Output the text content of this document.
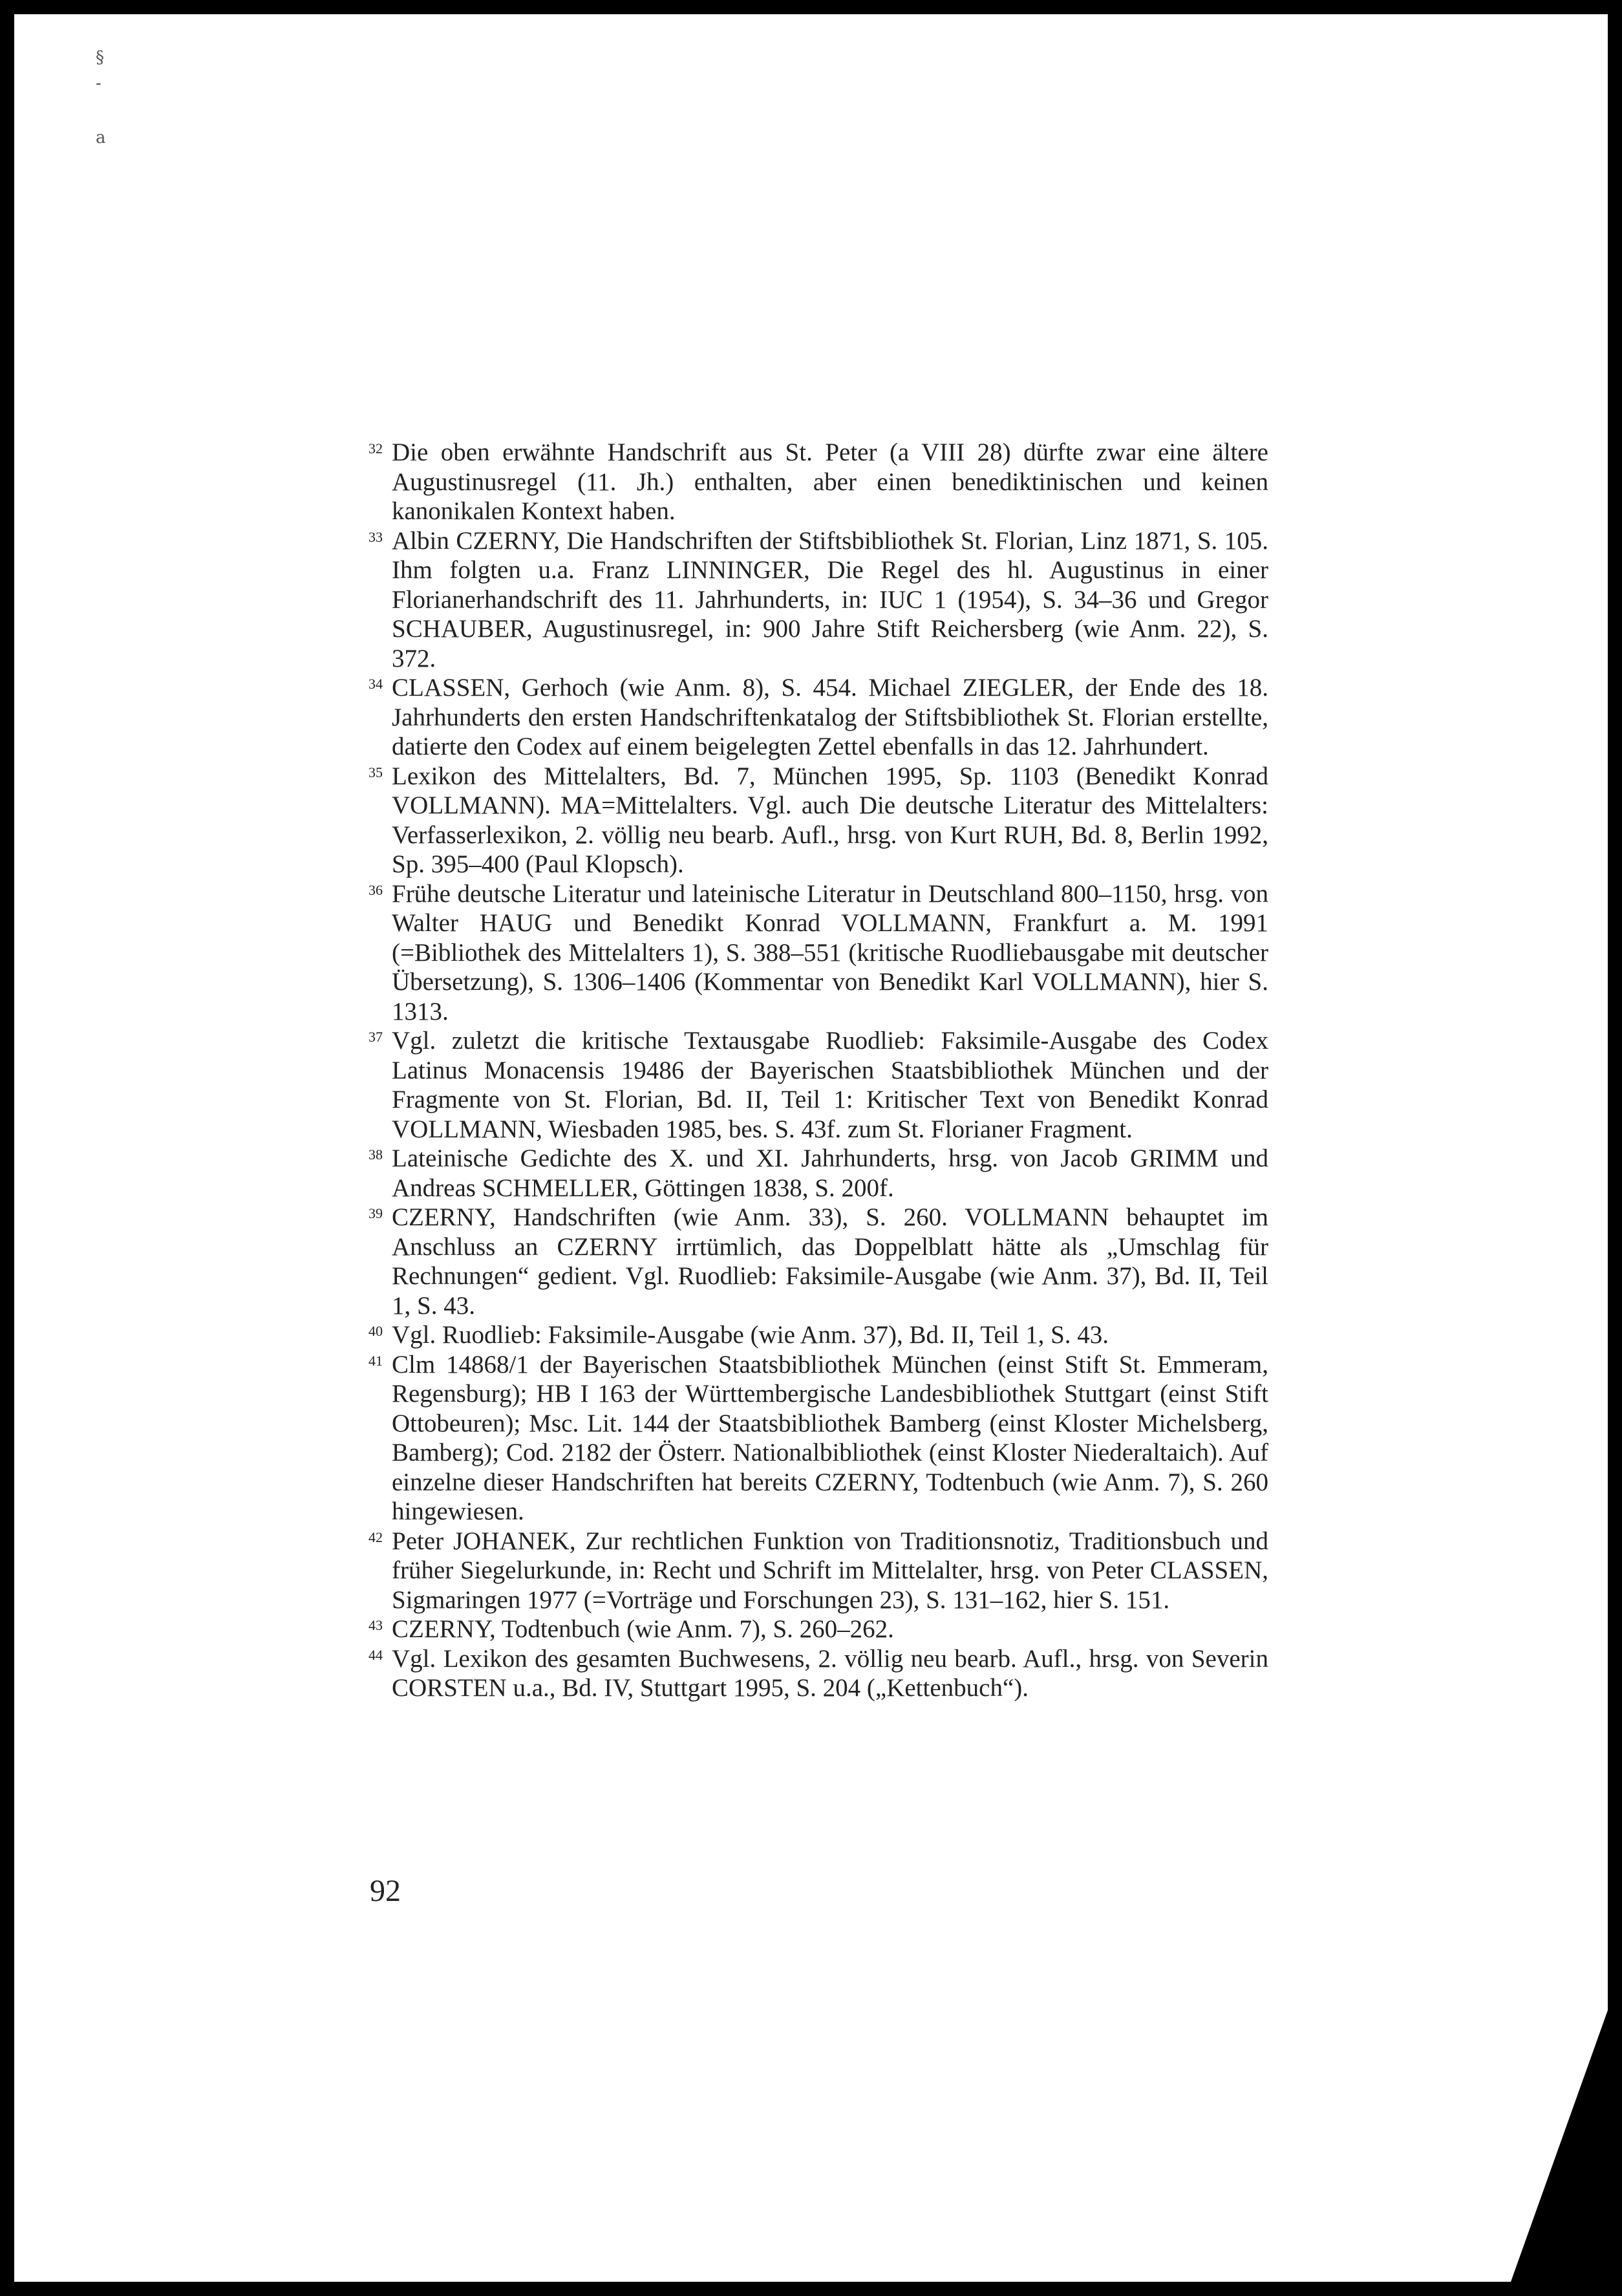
§
-
a

32 Die oben erwähnte Handschrift aus St. Peter (a VIII 28) dürfte zwar eine ältere Augustinusregel (11. Jh.) enthalten, aber einen benediktinischen und keinen kanonikalen Kontext haben.

33 Albin CZERNY, Die Handschriften der Stiftsbibliothek St. Florian, Linz 1871, S. 105. Ihm folgten u.a. Franz LINNINGER, Die Regel des hl. Augustinus in einer Florianerhandschrift des 11. Jahrhunderts, in: IUC 1 (1954), S. 34–36 und Gregor SCHAUBER, Augustinusregel, in: 900 Jahre Stift Reichersberg (wie Anm. 22), S. 372.

34 CLASSEN, Gerhoch (wie Anm. 8), S. 454. Michael ZIEGLER, der Ende des 18. Jahrhunderts den ersten Handschriftenkatalog der Stiftsbibliothek St. Florian erstellte, datierte den Codex auf einem beigelegten Zettel ebenfalls in das 12. Jahrhundert.

35 Lexikon des Mittelalters, Bd. 7, München 1995, Sp. 1103 (Benedikt Konrad VOLLMANN). MA=Mittelalters. Vgl. auch Die deutsche Literatur des Mittelalters: Verfasserlexikon, 2. völlig neu bearb. Aufl., hrsg. von Kurt RUH, Bd. 8, Berlin 1992, Sp. 395–400 (Paul Klopsch).

36 Frühe deutsche Literatur und lateinische Literatur in Deutschland 800–1150, hrsg. von Walter HAUG und Benedikt Konrad VOLLMANN, Frankfurt a. M. 1991 (=Bibliothek des Mittelalters 1), S. 388–551 (kritische Ruodliebausgabe mit deutscher Übersetzung), S. 1306–1406 (Kommentar von Benedikt Karl VOLLMANN), hier S. 1313.

37 Vgl. zuletzt die kritische Textausgabe Ruodlieb: Faksimile-Ausgabe des Codex Latinus Monacensis 19486 der Bayerischen Staatsbibliothek München und der Fragmente von St. Florian, Bd. II, Teil 1: Kritischer Text von Benedikt Konrad VOLLMANN, Wiesbaden 1985, bes. S. 43f. zum St. Florianer Fragment.

38 Lateinische Gedichte des X. und XI. Jahrhunderts, hrsg. von Jacob GRIMM und Andreas SCHMELLER, Göttingen 1838, S. 200f.

39 CZERNY, Handschriften (wie Anm. 33), S. 260. VOLLMANN behauptet im Anschluss an CZERNY irrtümlich, das Doppelblatt hätte als „Umschlag für Rechnungen“ gedient. Vgl. Ruodlieb: Faksimile-Ausgabe (wie Anm. 37), Bd. II, Teil 1, S. 43.

40 Vgl. Ruodlieb: Faksimile-Ausgabe (wie Anm. 37), Bd. II, Teil 1, S. 43.

41 Clm 14868/1 der Bayerischen Staatsbibliothek München (einst Stift St. Emmeram, Regensburg); HB I 163 der Württembergische Landesbibliothek Stuttgart (einst Stift Ottobeuren); Msc. Lit. 144 der Staatsbibliothek Bamberg (einst Kloster Michelsberg, Bamberg); Cod. 2182 der Österr. Nationalbibliothek (einst Kloster Niederaltaich). Auf einzelne dieser Handschriften hat bereits CZERNY, Todtenbuch (wie Anm. 7), S. 260 hingewiesen.

42 Peter JOHANEK, Zur rechtlichen Funktion von Traditionsnotiz, Traditionsbuch und früher Siegelurkunde, in: Recht und Schrift im Mittelalter, hrsg. von Peter CLASSEN, Sigmaringen 1977 (=Vorträge und Forschungen 23), S. 131–162, hier S. 151.

43 CZERNY, Todtenbuch (wie Anm. 7), S. 260–262.

44 Vgl. Lexikon des gesamten Buchwesens, 2. völlig neu bearb. Aufl., hrsg. von Severin CORSTEN u.a., Bd. IV, Stuttgart 1995, S. 204 („Kettenbuch“).

92
